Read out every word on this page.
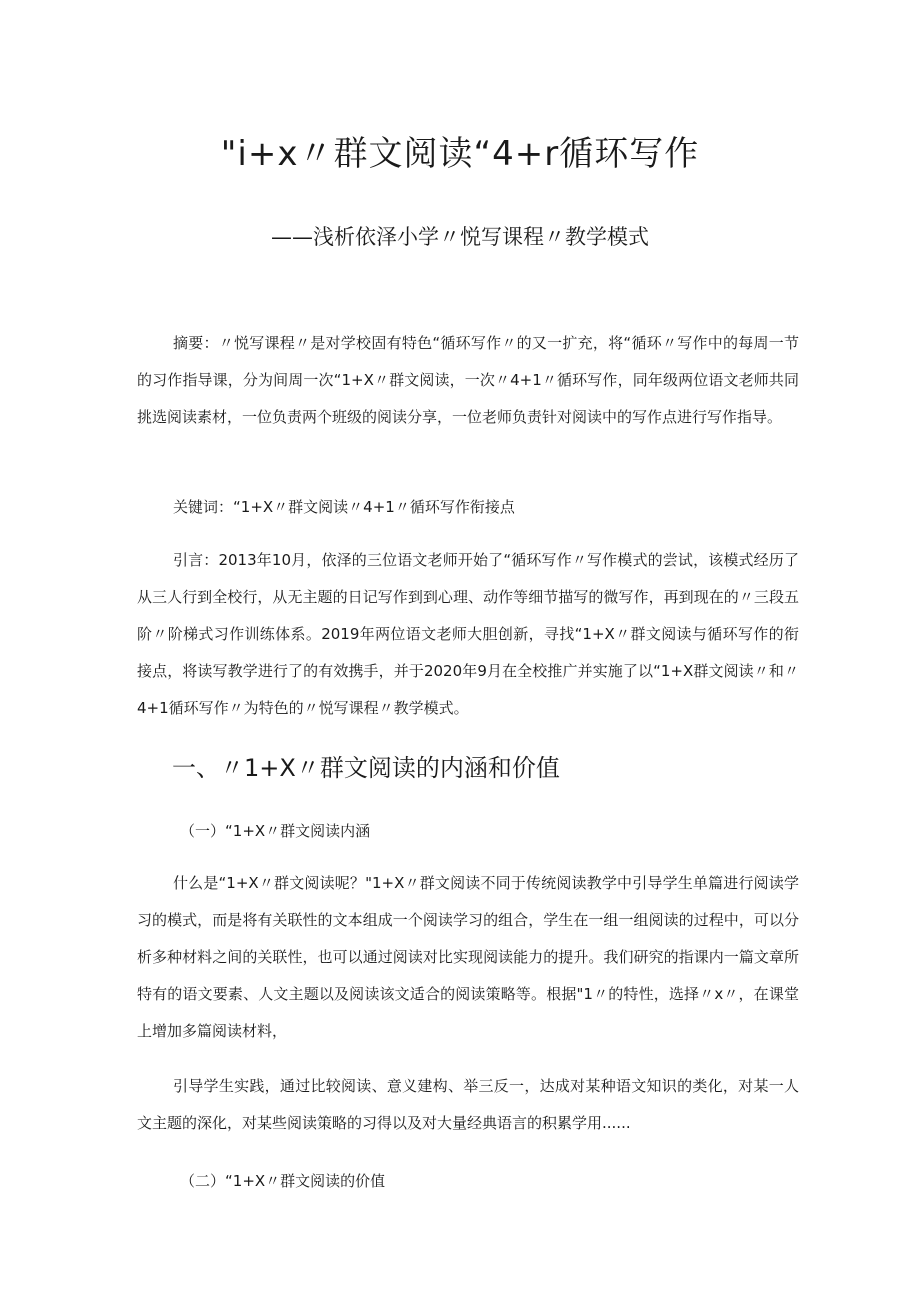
"i+x〃群文阅读“4+r循环写作
——浅析依泽小学〃悦写课程〃教学模式

摘要：〃悦写课程〃是对学校固有特色“循环写作〃的又一扩充，将“循环〃写作中的每周一节的习作指导课，分为间周一次“1+X〃群文阅读，一次〃4+1〃循环写作，同年级两位语文老师共同挑选阅读素材，一位负责两个班级的阅读分享，一位老师负责针对阅读中的写作点进行写作指导。

关键词：“1+X〃群文阅读〃4+1〃循环写作衔接点

引言：2013年10月，依泽的三位语文老师开始了“循环写作〃写作模式的尝试，该模式经历了从三人行到全校行，从无主题的日记写作到到心理、动作等细节描写的微写作，再到现在的〃三段五阶〃阶梯式习作训练体系。2019年两位语文老师大胆创新，寻找“1+X〃群文阅读与循环写作的衔接点，将读写教学进行了的有效携手，并于2020年9月在全校推广并实施了以“1+X群文阅读〃和〃4+1循环写作〃为特色的〃悦写课程〃教学模式。

一、〃1+X〃群文阅读的内涵和价值
（一）“1+X〃群文阅读内涵

什么是“1+X〃群文阅读呢？"1+X〃群文阅读不同于传统阅读教学中引导学生单篇进行阅读学习的模式，而是将有关联性的文本组成一个阅读学习的组合，学生在一组一组阅读的过程中，可以分析多种材料之间的关联性，也可以通过阅读对比实现阅读能力的提升。我们研究的指课内一篇文章所特有的语文要素、人文主题以及阅读该文适合的阅读策略等。根据"1〃的特性，选择〃x〃，在课堂上增加多篇阅读材料，

引导学生实践，通过比较阅读、意义建构、举三反一，达成对某种语文知识的类化，对某一人文主题的深化，对某些阅读策略的习得以及对大量经典语言的积累学用......

（二）“1+X〃群文阅读的价值
